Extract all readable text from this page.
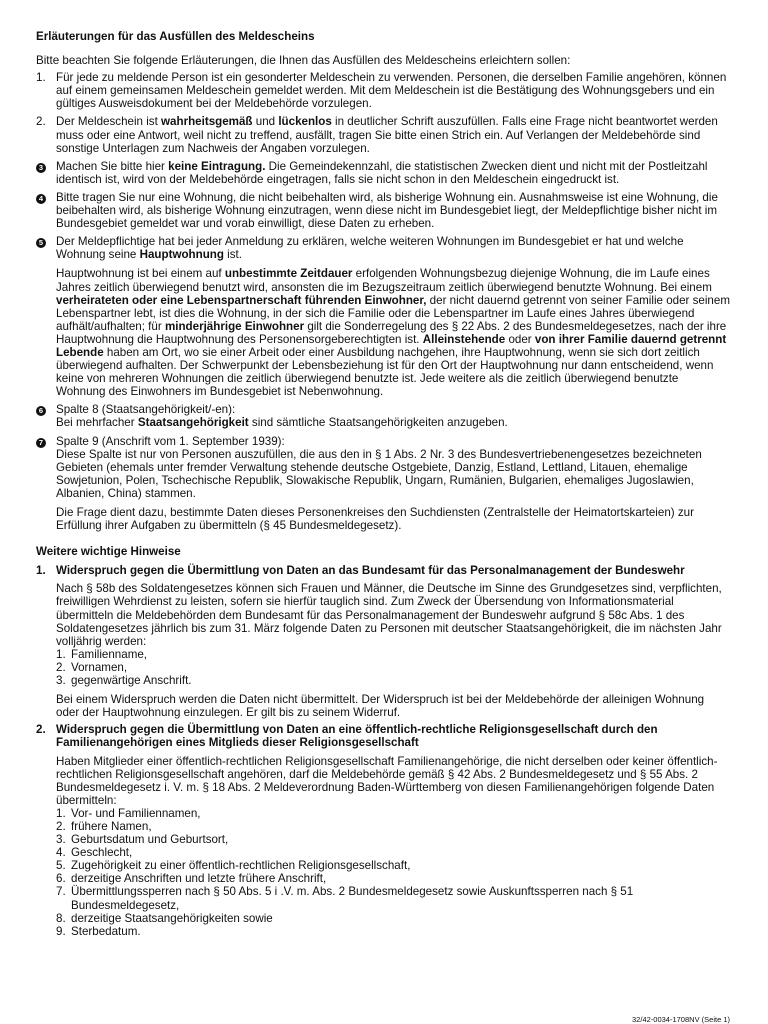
Erläuterungen für das Ausfüllen des Meldescheins
Bitte beachten Sie folgende Erläuterungen, die Ihnen das Ausfüllen des Meldescheins erleichtern sollen:
1. Für jede zu meldende Person ist ein gesonderter Meldeschein zu verwenden. Personen, die derselben Familie angehören, können auf einem gemeinsamen Meldeschein gemeldet werden. Mit dem Meldeschein ist die Bestätigung des Wohnungsgebers und ein gültiges Ausweisdokument bei der Meldebehörde vorzulegen.
2. Der Meldeschein ist wahrheitsgemäß und lückenlos in deutlicher Schrift auszufüllen. Falls eine Frage nicht beantwortet werden muss oder eine Antwort, weil nicht zu treffend, ausfällt, tragen Sie bitte einen Strich ein. Auf Verlangen der Meldebehörde sind sonstige Unterlagen zum Nachweis der Angaben vorzulegen.
3	Machen Sie bitte hier keine Eintragung. Die Gemeindekennzahl, die statistischen Zwecken dient und nicht mit der Postleitzahl identisch ist, wird von der Meldebehörde eingetragen, falls sie nicht schon in den Meldeschein eingedruckt ist.
4	Bitte tragen Sie nur eine Wohnung, die nicht beibehalten wird, als bisherige Wohnung ein. Ausnahmsweise ist eine Wohnung, die beibehalten wird, als bisherige Wohnung einzutragen, wenn diese nicht im Bundesgebiet liegt, der Meldepflichtige bisher nicht im Bundesgebiet gemeldet war und vorab einwilligt, diese Daten zu erheben.
5	Der Meldepflichtige hat bei jeder Anmeldung zu erklären, welche weiteren Wohnungen im Bundesgebiet er hat und welche Wohnung seine Hauptwohnung ist.
Hauptwohnung ist bei einem auf unbestimmte Zeitdauer erfolgenden Wohnungsbezug diejenige Wohnung, die im Laufe eines Jahres zeitlich überwiegend benutzt wird, ansonsten die im Bezugszeitraum zeitlich überwiegend benutzte Wohnung. Bei einem verheirateten oder eine Lebenspartnerschaft führenden Einwohner, der nicht dauernd getrennt von seiner Familie oder seinem Lebenspartner lebt, ist dies die Wohnung, in der sich die Familie oder die Lebenspartner im Laufe eines Jahres überwiegend aufhält/aufhalten; für minderjährige Einwohner gilt die Sonderregelung des § 22 Abs. 2 des Bundesmeldegesetzes, nach der ihre Hauptwohnung die Hauptwohnung des Personensorgeberechtigten ist. Alleinstehende oder von ihrer Familie dauernd getrennt Lebende haben am Ort, wo sie einer Arbeit oder einer Ausbildung nachgehen, ihre Hauptwohnung, wenn sie sich dort zeitlich überwiegend aufhalten. Der Schwerpunkt der Lebensbeziehung ist für den Ort der Hauptwohnung nur dann entscheidend, wenn keine von mehreren Wohnungen die zeitlich überwiegend benutzte ist. Jede weitere als die zeitlich überwiegend benutzte Wohnung des Einwohners im Bundesgebiet ist Nebenwohnung.
6	Spalte 8 (Staatsangehörigkeit/-en):
Bei mehrfacher Staatsangehörigkeit sind sämtliche Staatsangehörigkeiten anzugeben.
7	Spalte 9 (Anschrift vom 1. September 1939):
Diese Spalte ist nur von Personen auszufüllen, die aus den in § 1 Abs. 2 Nr. 3 des Bundesvertriebenengesetzes bezeichneten Gebieten (ehemals unter fremder Verwaltung stehende deutsche Ostgebiete, Danzig, Estland, Lettland, Litauen, ehemalige Sowjetunion, Polen, Tschechische Republik, Slowakische Republik, Ungarn, Rumänien, Bulgarien, ehemaliges Jugoslawien, Albanien, China) stammen.
Die Frage dient dazu, bestimmte Daten dieses Personenkreises den Suchdiensten (Zentralstelle der Heimatortskarteien) zur Erfüllung ihrer Aufgaben zu übermitteln (§ 45 Bundesmeldegesetz).
Weitere wichtige Hinweise
1. Widerspruch gegen die Übermittlung von Daten an das Bundesamt für das Personalmanagement der Bundeswehr
Nach § 58b des Soldatengesetzes können sich Frauen und Männer, die Deutsche im Sinne des Grundgesetzes sind, verpflichten, freiwilligen Wehrdienst zu leisten, sofern sie hierfür tauglich sind. Zum Zweck der Übersendung von Informationsmaterial übermitteln die Meldebehörden dem Bundesamt für das Personalmanagement der Bundeswehr aufgrund § 58c Abs. 1 des Soldatengesetzes jährlich bis zum 31. März folgende Daten zu Personen mit deutscher Staatsangehörigkeit, die im nächsten Jahr volljährig werden:
1. Familienname,
2. Vornamen,
3. gegenwärtige Anschrift.
Bei einem Widerspruch werden die Daten nicht übermittelt. Der Widerspruch ist bei der Meldebehörde der alleinigen Wohnung oder der Hauptwohnung einzulegen. Er gilt bis zu seinem Widerruf.
2. Widerspruch gegen die Übermittlung von Daten an eine öffentlich-rechtliche Religionsgesellschaft durch den Familienangehörigen eines Mitglieds dieser Religionsgesellschaft
Haben Mitglieder einer öffentlich-rechtlichen Religionsgesellschaft Familienangehörige, die nicht derselben oder keiner öffentlich-rechtlichen Religionsgesellschaft angehören, darf die Meldebehörde gemäß § 42 Abs. 2 Bundesmeldegesetz und § 55 Abs. 2 Bundesmeldegesetz i. V. m. § 18 Abs. 2 Meldeverordnung Baden-Württemberg von diesen Familienangehörigen folgende Daten übermitteln:
1. Vor- und Familiennamen,
2. frühere Namen,
3. Geburtsdatum und Geburtsort,
4. Geschlecht,
5. Zugehörigkeit zu einer öffentlich-rechtlichen Religionsgesellschaft,
6. derzeitige Anschriften und letzte frühere Anschrift,
7. Übermittlungssperren nach § 50 Abs. 5 i .V. m. Abs. 2 Bundesmeldegesetz sowie Auskunftssperren nach § 51 Bundesmeldegesetz,
8. derzeitige Staatsangehörigkeiten sowie
9. Sterbedatum.
32/42-0034-1708NV (Seite 1)
